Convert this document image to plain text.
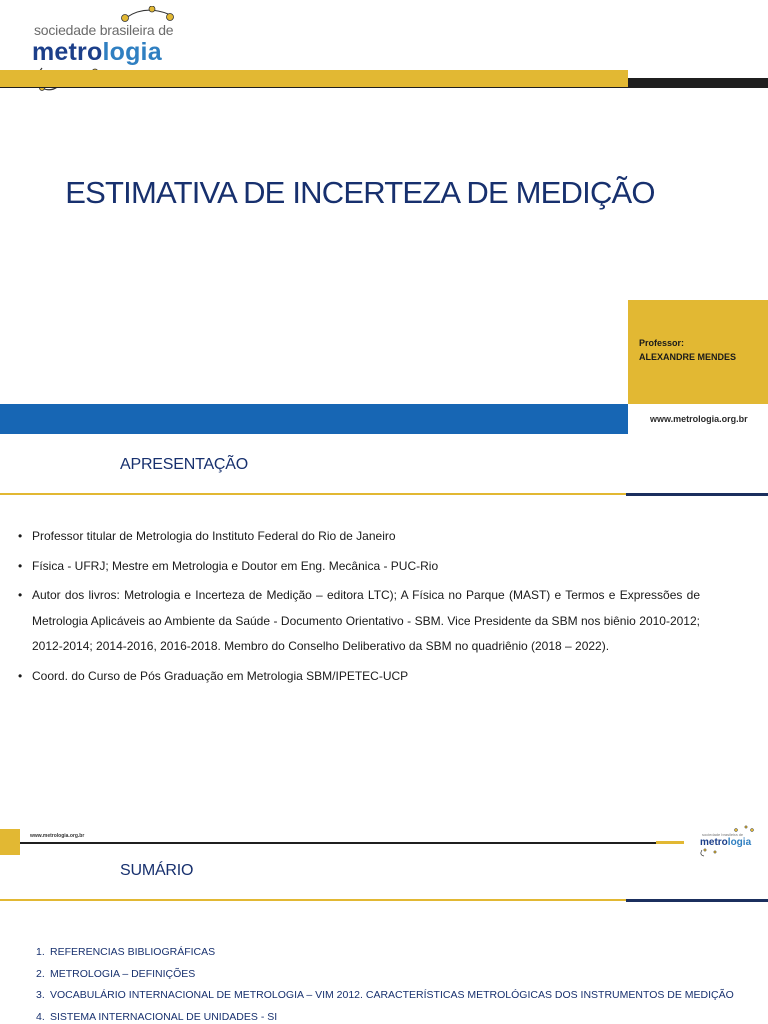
sociedade brasileira de
metrologia
ESTIMATIVA DE INCERTEZA DE MEDIÇÃO
Professor:
ALEXANDRE MENDES
www.metrologia.org.br
APRESENTAÇÃO
• Professor titular de Metrologia do Instituto Federal do Rio de Janeiro
• Física - UFRJ; Mestre em Metrologia e Doutor em Eng. Mecânica - PUC-Rio
• Autor dos livros: Metrologia e Incerteza de Medição – editora LTC); A Física no Parque (MAST) e Termos e Expressões de Metrologia Aplicáveis ao Ambiente da Saúde - Documento Orientativo - SBM. Vice Presidente da SBM nos biênio 2010-2012; 2012-2014; 2014-2016, 2016-2018. Membro do Conselho Deliberativo da SBM no quadriênio (2018 – 2022).
• Coord. do Curso de Pós Graduação em Metrologia SBM/IPETEC-UCP
www.metrologia.org.br	sociedade brasileira de
metrologia
SUMÁRIO
1. REFERENCIAS BIBLIOGRÁFICAS
2. METROLOGIA – DEFINIÇÕES
3. VOCABULÁRIO INTERNACIONAL DE METROLOGIA – VIM 2012. CARACTERÍSTICAS METROLÓGICAS DOS INSTRUMENTOS DE MEDIÇÃO
4. SISTEMA INTERNACIONAL DE UNIDADES - SI
